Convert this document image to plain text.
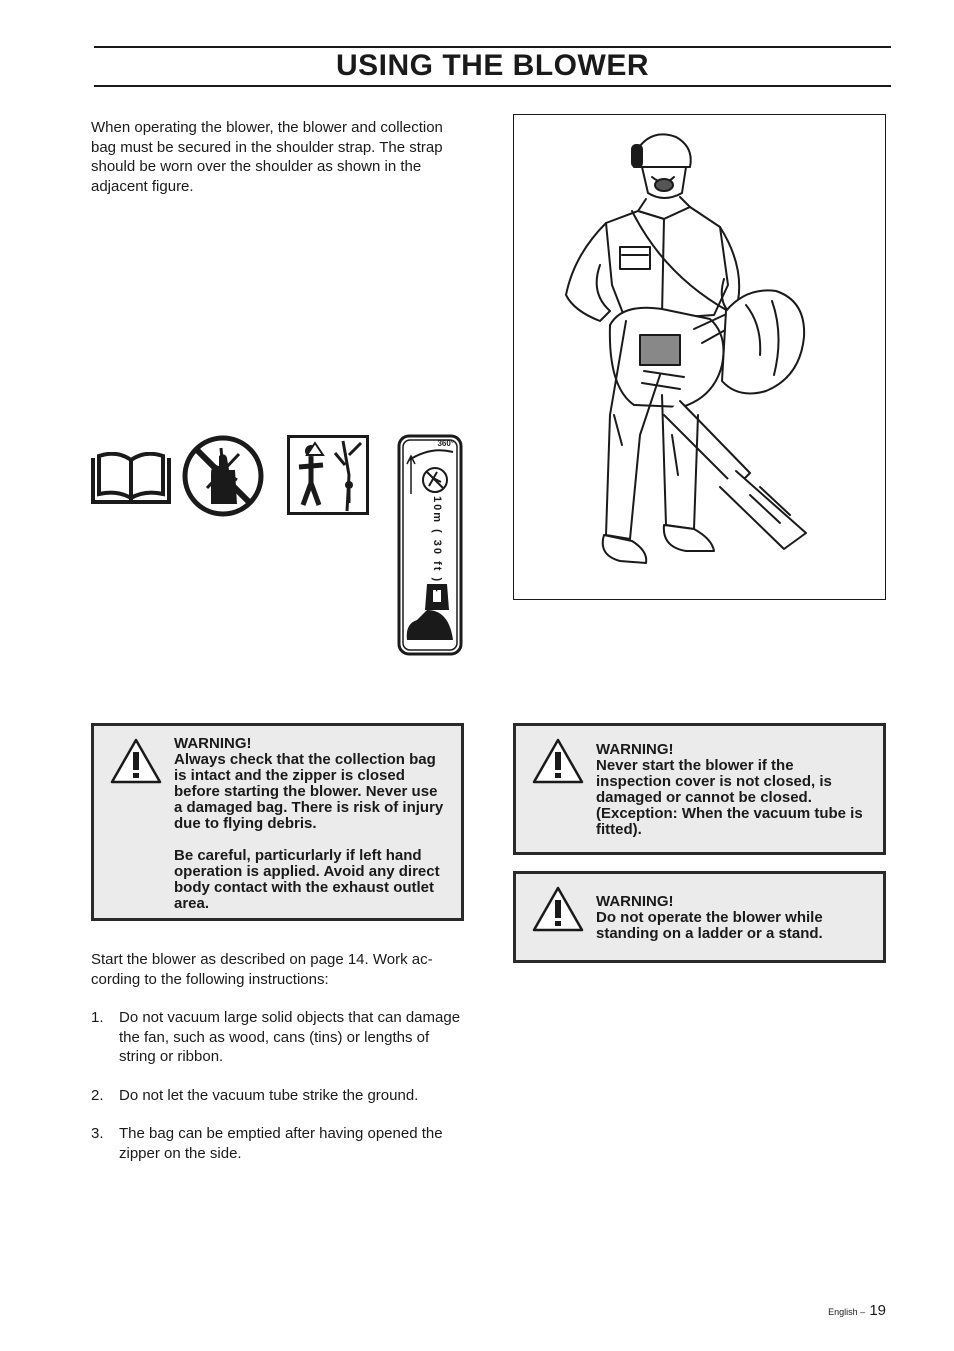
USING THE BLOWER
When operating the blower, the blower and collection bag must be secured in the shoulder strap. The strap should be worn over the shoulder as shown in the adjacent figure.
360°
10m ( 30 ft ) -

WARNING!

Always check that the collection bag is intact and the zipper is closed before starting the blower. Never use a damaged bag. There is risk of injury due to flying debris.

Be careful, particurlarly if left hand operation is applied. Avoid any direct body contact with the exhaust outlet area.

WARNING!

Never start the blower if the inspection cover is not closed, is damaged or cannot be closed. (Exception: When the vacuum tube is fitted).

WARNING!

Do not operate the blower while standing on a ladder or a stand.

Start the blower as described on page 14. Work ac-cording to the following instructions:

1. Do not vacuum large solid objects that can damage the fan, such as wood, cans (tins) or lengths of string or ribbon.
2. Do not let the vacuum tube strike the ground.
3. The bag can be emptied after having opened the zipper on the side.
English – 19
